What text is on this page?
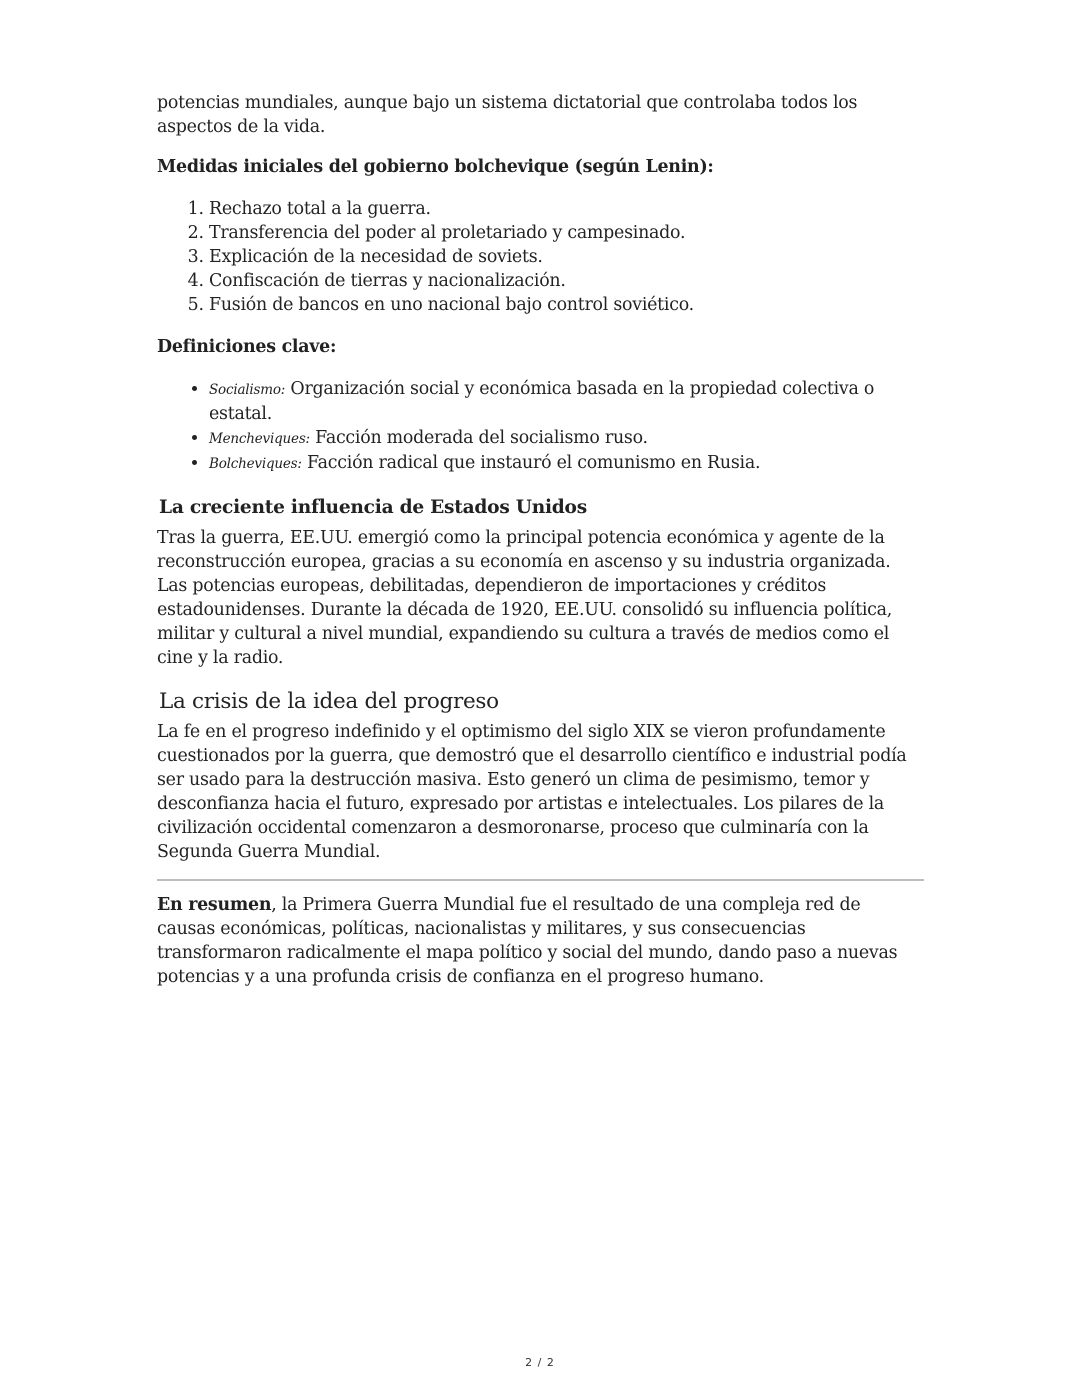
potencias mundiales, aunque bajo un sistema dictatorial que controlaba todos los aspectos de la vida.

Medidas iniciales del gobierno bolchevique (según Lenin):
1. Rechazo total a la guerra.
2. Transferencia del poder al proletariado y campesinado.
3. Explicación de la necesidad de soviets.
4. Confiscación de tierras y nacionalización.
5. Fusión de bancos en uno nacional bajo control soviético.
Definiciones clave:
• Socialismo: Organización social y económica basada en la propiedad colectiva o estatal.
• Mencheviques: Facción moderada del socialismo ruso.
• Bolcheviques: Facción radical que instauró el comunismo en Rusia.
La creciente influencia de Estados Unidos

Tras la guerra, EE.UU. emergió como la principal potencia económica y agente de la reconstrucción europea, gracias a su economía en ascenso y su industria organizada. Las potencias europeas, debilitadas, dependieron de importaciones y créditos estadounidenses. Durante la década de 1920, EE.UU. consolidó su influencia política, militar y cultural a nivel mundial, expandiendo su cultura a través de medios como el cine y la radio.

La crisis de la idea del progreso

La fe en el progreso indefinido y el optimismo del siglo XIX se vieron profundamente cuestionados por la guerra, que demostró que el desarrollo científico e industrial podía ser usado para la destrucción masiva. Esto generó un clima de pesimismo, temor y desconfianza hacia el futuro, expresado por artistas e intelectuales. Los pilares de la civilización occidental comenzaron a desmoronarse, proceso que culminaría con la Segunda Guerra Mundial.

En resumen, la Primera Guerra Mundial fue el resultado de una compleja red de causas económicas, políticas, nacionalistas y militares, y sus consecuencias transformaron radicalmente el mapa político y social del mundo, dando paso a nuevas potencias y a una profunda crisis de confianza en el progreso humano.

2 / 2
